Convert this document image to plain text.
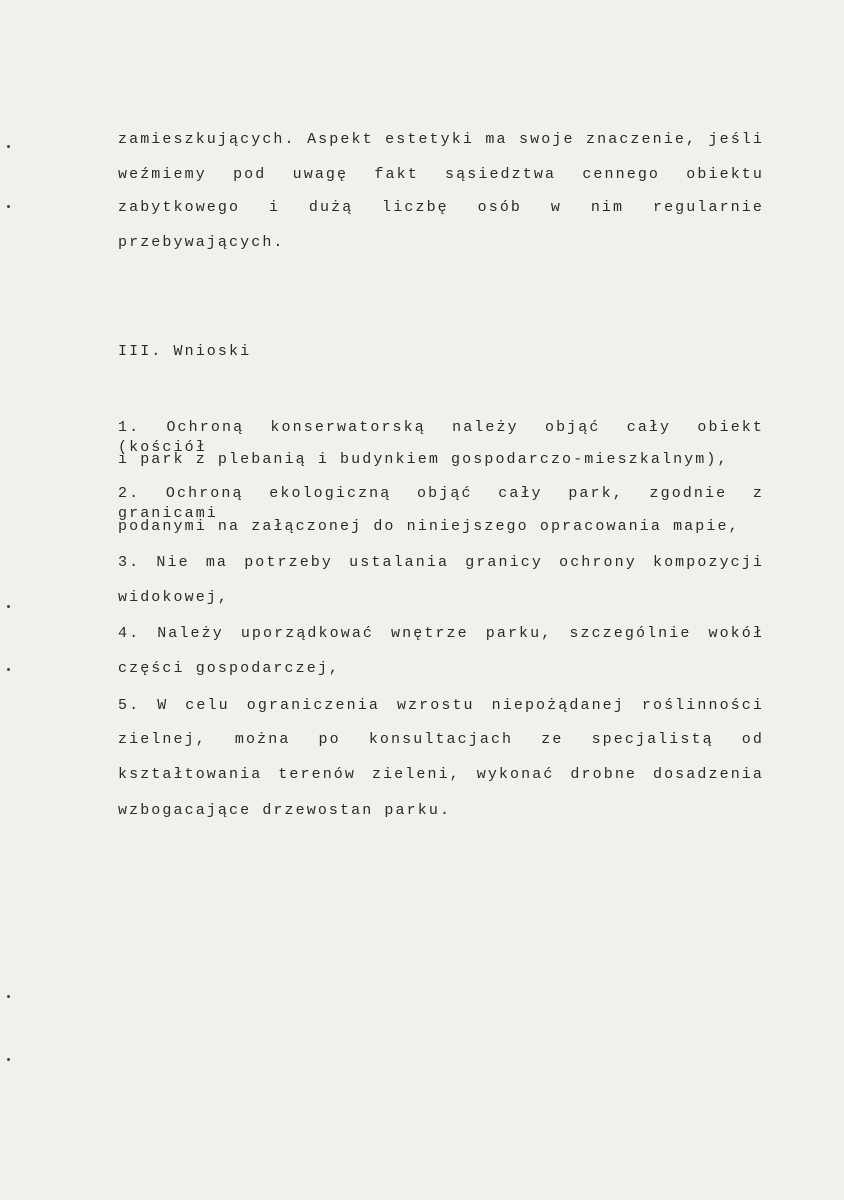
zamieszkujących. Aspekt estetyki ma swoje znaczenie, jeśli
weźmiemy pod uwagę fakt sąsiedztwa cennego obiektu
zabytkowego i dużą liczbę osób w nim regularnie
przebywających.
III. Wnioski
1. Ochroną konserwatorską należy objąć cały obiekt (kościół
i park z plebanią i budynkiem gospodarczo-mieszkalnym),
2. Ochroną ekologiczną objąć cały park, zgodnie z granicami
podanymi na załączonej do niniejszego opracowania mapie,
3. Nie ma potrzeby ustalania granicy ochrony kompozycji
widokowej,
4. Należy uporządkować wnętrze parku, szczególnie wokół
części gospodarczej,
5. W celu ograniczenia wzrostu niepożądanej roślinności
zielnej, można po konsultacjach ze specjalistą od
kształtowania terenów zieleni, wykonać drobne dosadzenia
wzbogacające drzewostan parku.
